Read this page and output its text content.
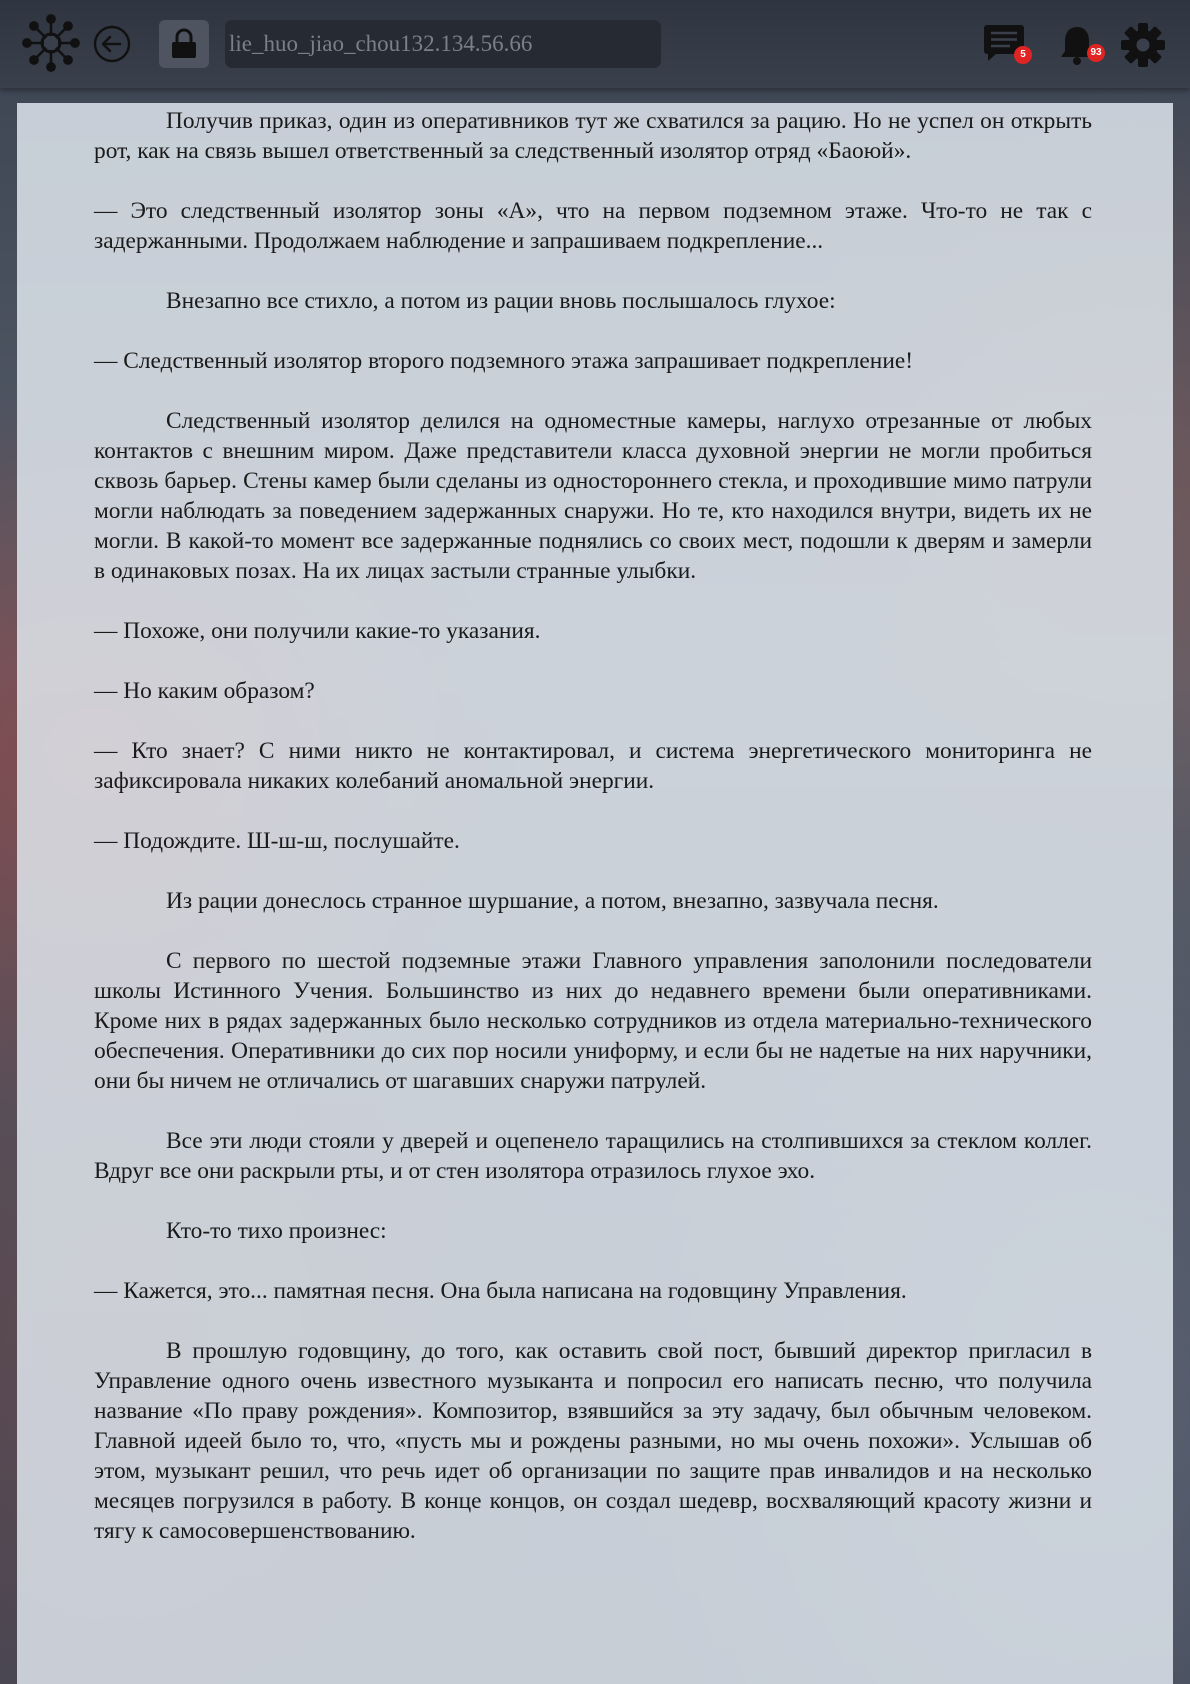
lie_huo_jiao_chou132.134.56.66	5	93

Получив приказ, один из оперативников тут же схватился за рацию. Но не успел он открыть рот, как на связь вышел ответственный за следственный изолятор отряд «Баоюй».

— Это следственный изолятор зоны «A», что на первом подземном этаже. Что-то не так с задержанными. Продолжаем наблюдение и запрашиваем подкрепление...

Внезапно все стихло, а потом из рации вновь послышалось глухое:

— Следственный изолятор второго подземного этажа запрашивает подкрепление!

Следственный изолятор делился на одноместные камеры, наглухо отрезанные от любых контактов с внешним миром. Даже представители класса духовной энергии не могли пробиться сквозь барьер. Стены камер были сделаны из одностороннего стекла, и проходившие мимо патрули могли наблюдать за поведением задержанных снаружи. Но те, кто находился внутри, видеть их не могли. В какой-то момент все задержанные поднялись со своих мест, подошли к дверям и замерли в одинаковых позах. На их лицах застыли странные улыбки.

— Похоже, они получили какие-то указания.

— Но каким образом?

— Кто знает? С ними никто не контактировал, и система энергетического мониторинга не зафиксировала никаких колебаний аномальной энергии.

— Подождите. Ш-ш-ш, послушайте.

Из рации донеслось странное шуршание, а потом, внезапно, зазвучала песня.

С первого по шестой подземные этажи Главного управления заполонили последователи школы Истинного Учения. Большинство из них до недавнего времени были оперативниками. Кроме них в рядах задержанных было несколько сотрудников из отдела материально-технического обеспечения. Оперативники до сих пор носили униформу, и если бы не надетые на них наручники, они бы ничем не отличались от шагавших снаружи патрулей.

Все эти люди стояли у дверей и оцепенело таращились на столпившихся за стеклом коллег. Вдруг все они раскрыли рты, и от стен изолятора отразилось глухое эхо.

Кто-то тихо произнес:

— Кажется, это... памятная песня. Она была написана на годовщину Управления.

В прошлую годовщину, до того, как оставить свой пост, бывший директор пригласил в Управление одного очень известного музыканта и попросил его написать песню, что получила название «По праву рождения». Композитор, взявшийся за эту задачу, был обычным человеком. Главной идеей было то, что, «пусть мы и рождены разными, но мы очень похожи». Услышав об этом, музыкант решил, что речь идет об организации по защите прав инвалидов и на несколько месяцев погрузился в работу. В конце концов, он создал шедевр, восхваляющий красоту жизни и тягу к самосовершенствованию.
